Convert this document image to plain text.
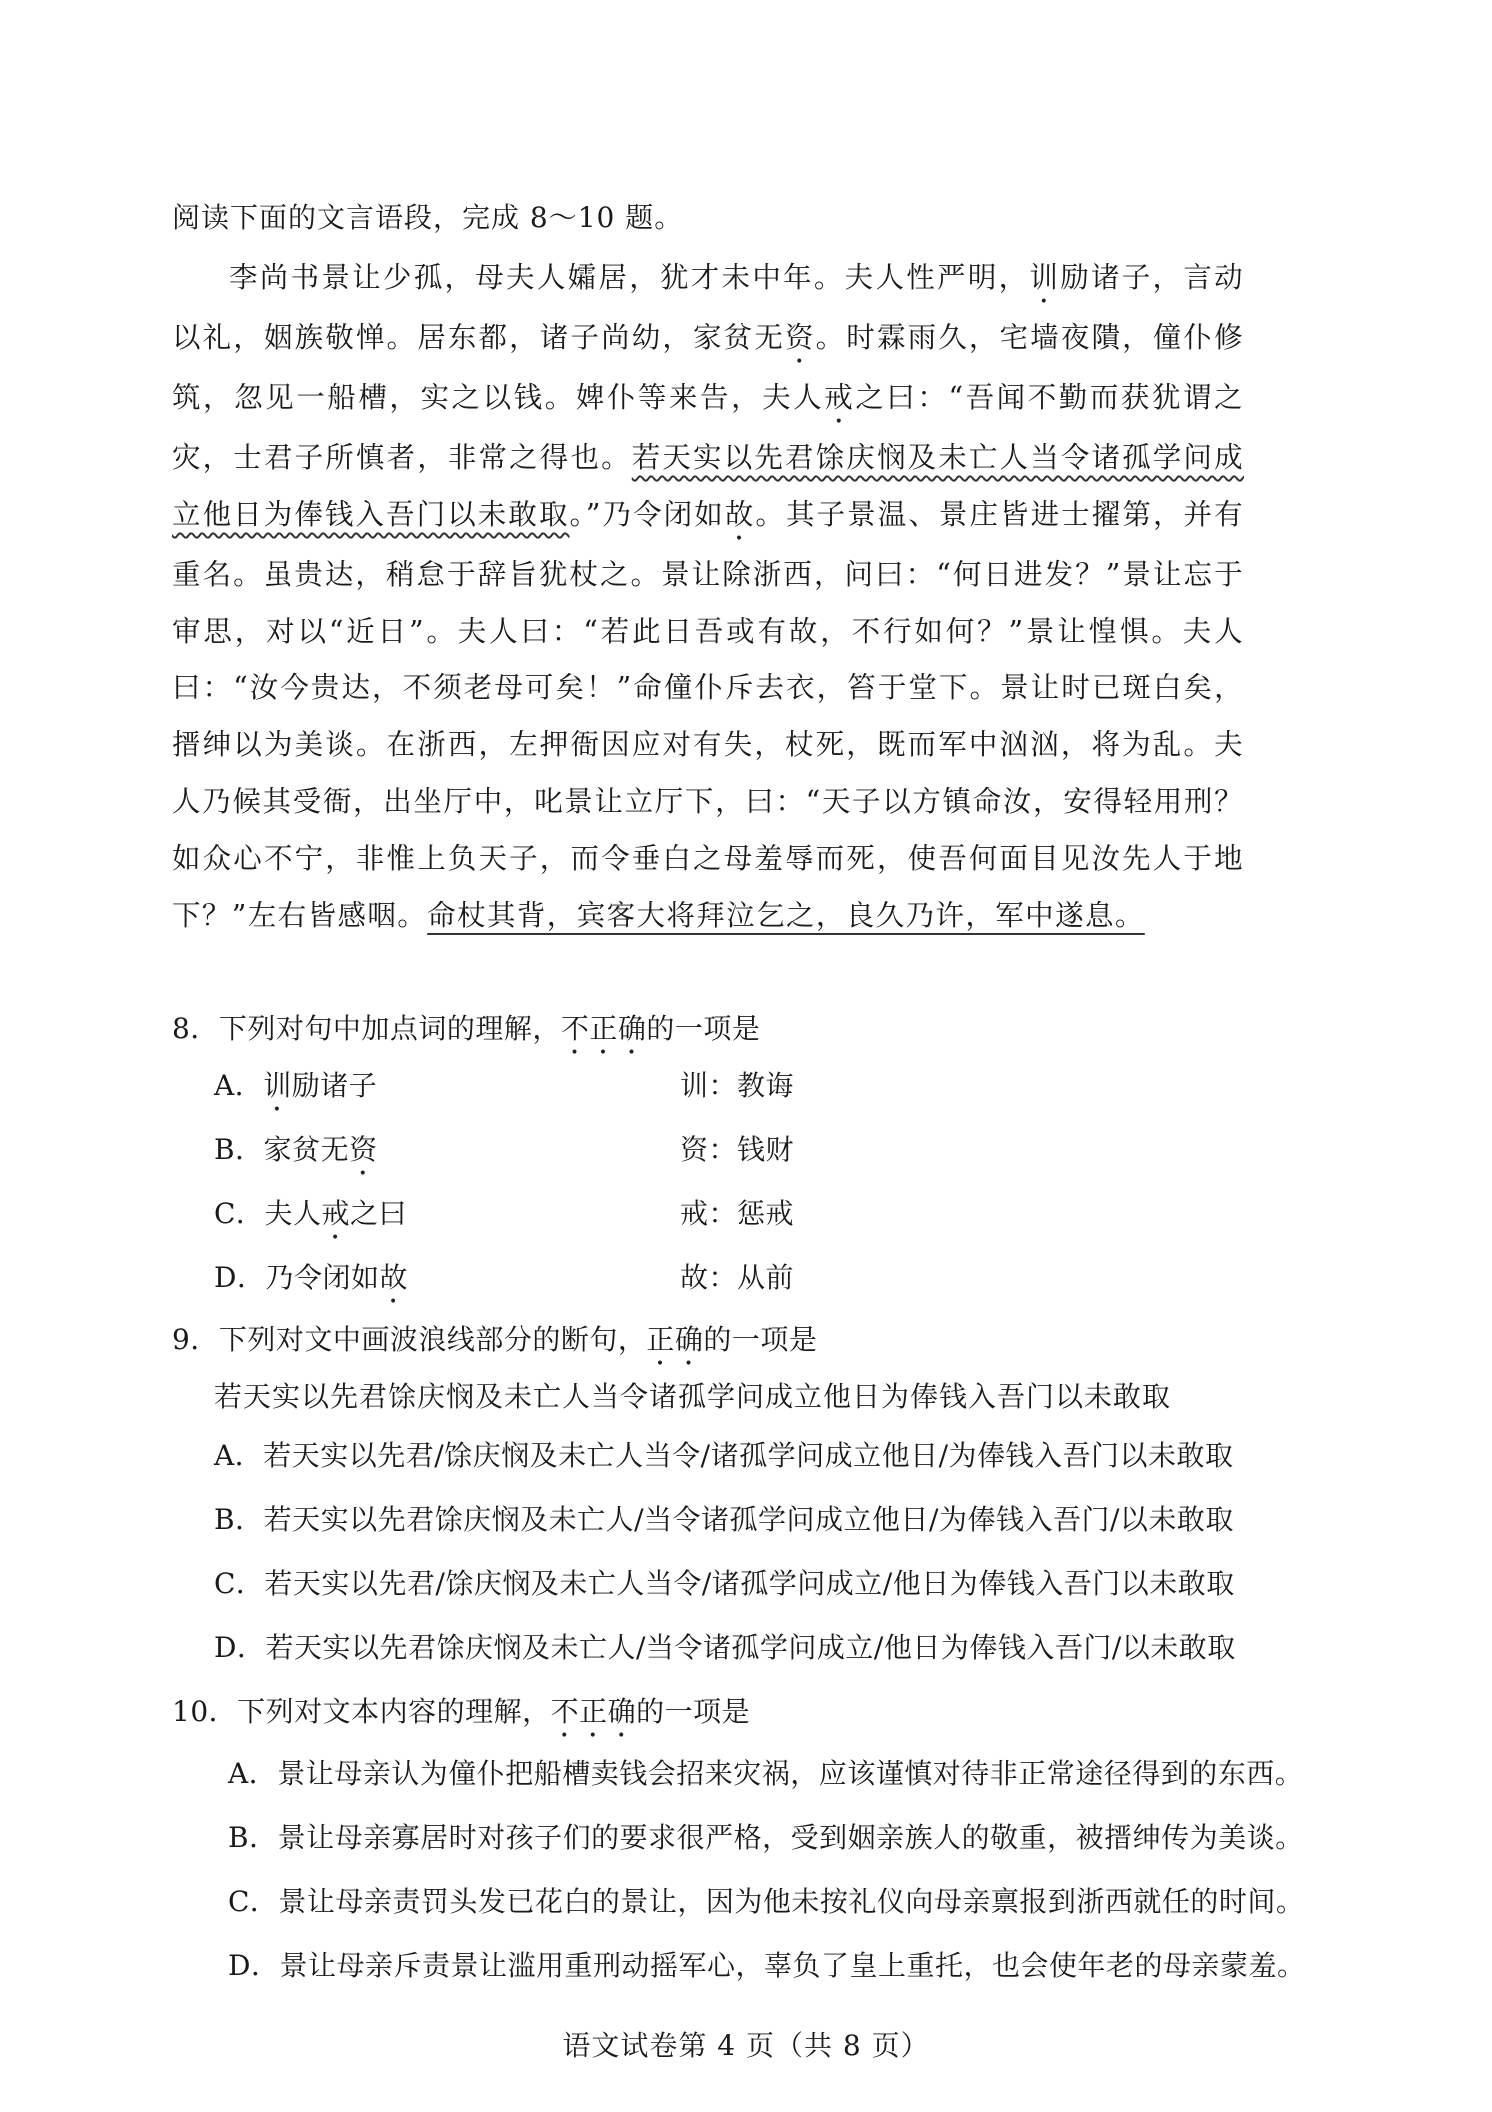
阅读下面的文言语段，完成 8～10 题。

李尚书景让少孤，母夫人孀居，犹才未中年。夫人性严明，训励诸子，言动以礼，姻族敬惮。居东都，诸子尚幼，家贫无资。时霖雨久，宅墙夜隤，僮仆修筑，忽见一船槽，实之以钱。婢仆等来告，夫人戒之曰：“吾闻不勤而获犹谓之灾，士君子所慎者，非常之得也。若天实以先君馀庆悯及未亡人当令诸孤学问成立他日为俸钱入吾门以未敢取。”乃令闭如故。其子景温、景庄皆进士擢第，并有重名。虽贵达，稍怠于辞旨犹杖之。景让除浙西，问曰：“何日进发？”景让忘于审思，对以“近日”。夫人曰：“若此日吾或有故，不行如何？”景让惶惧。夫人曰：“汝今贵达，不须老母可矣！”命僮仆斥去衣，笞于堂下。景让时已斑白矣，搢绅以为美谈。在浙西，左押衙因应对有失，杖死，既而军中汹汹，将为乱。夫人乃候其受衙，出坐厅中，叱景让立厅下，曰：“天子以方镇命汝，安得轻用刑？如众心不宁，非惟上负天子，而令垂白之母羞辱而死，使吾何面目见汝先人于地下？”左右皆感咽。命杖其背，宾客大将拜泣乞之，良久乃许，军中遂息。

8．下列对句中加点词的理解，不正确的一项是
A．训励诸子	训：教诲
B．家贫无资	资：钱财
C．夫人戒之曰	戒：惩戒
D．乃令闭如故	故：从前
9．下列对文中画波浪线部分的断句，正确的一项是
若天实以先君馀庆悯及未亡人当令诸孤学问成立他日为俸钱入吾门以未敢取
A．若天实以先君/馀庆悯及未亡人当令/诸孤学问成立他日/为俸钱入吾门以未敢取
B．若天实以先君馀庆悯及未亡人/当令诸孤学问成立他日/为俸钱入吾门/以未敢取
C．若天实以先君/馀庆悯及未亡人当令/诸孤学问成立/他日为俸钱入吾门以未敢取
D．若天实以先君馀庆悯及未亡人/当令诸孤学问成立/他日为俸钱入吾门/以未敢取
10．下列对文本内容的理解，不正确的一项是
A．景让母亲认为僮仆把船槽卖钱会招来灾祸，应该谨慎对待非正常途径得到的东西。
B．景让母亲寡居时对孩子们的要求很严格，受到姻亲族人的敬重，被搢绅传为美谈。
C．景让母亲责罚头发已花白的景让，因为他未按礼仪向母亲禀报到浙西就任的时间。
D．景让母亲斥责景让滥用重刑动摇军心，辜负了皇上重托，也会使年老的母亲蒙羞。
语文试卷第 4 页（共 8 页）
